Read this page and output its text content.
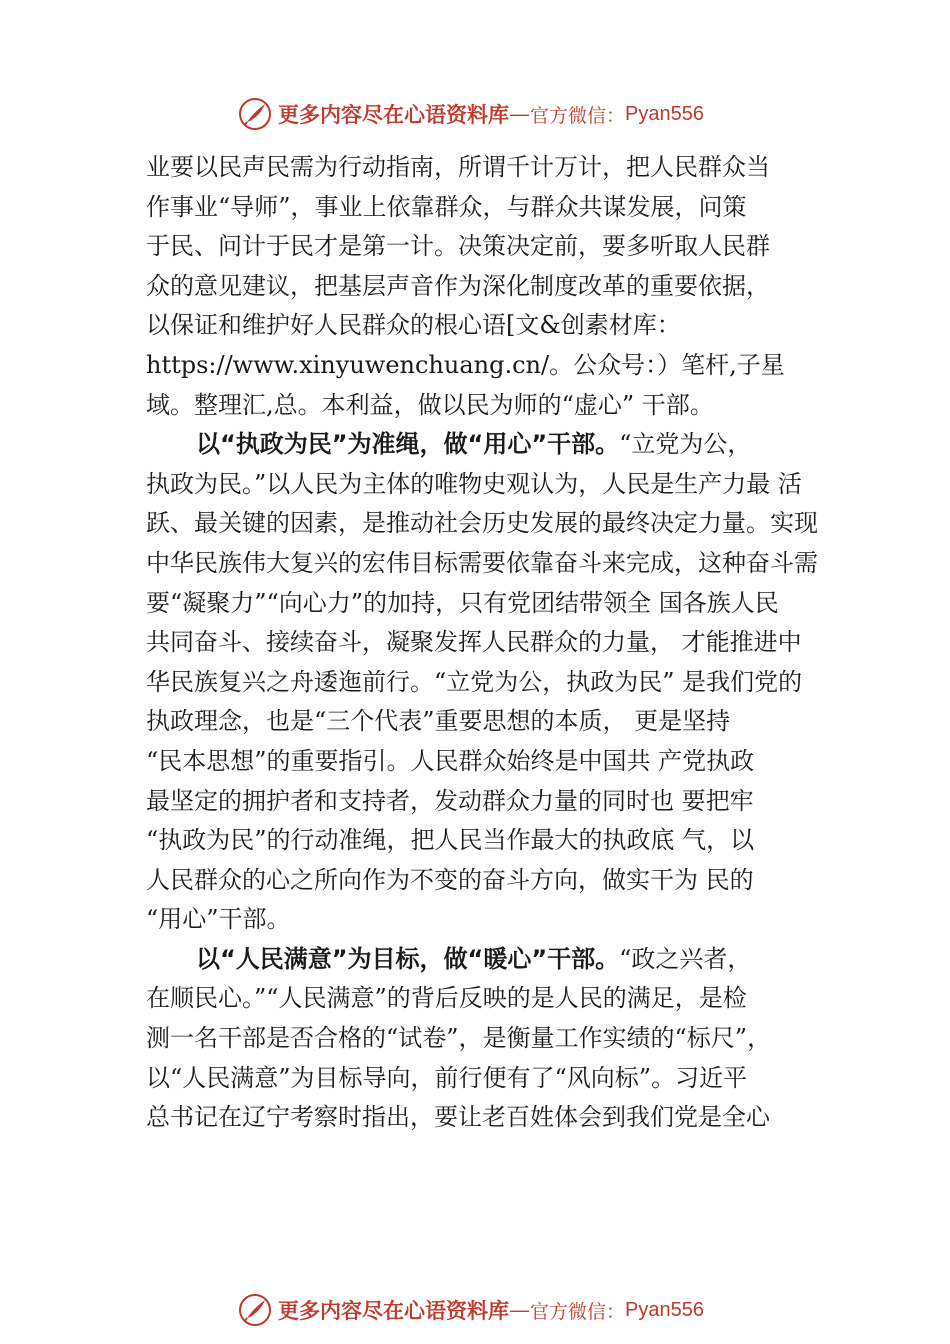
更多内容尽在心语资料库 — 官方微信： Pyan556
业要以民声民需为行动指南，所谓千计万计，把人民群众当
作事业“导师”，事业上依靠群众，与群众共谋发展，问策
于民、问计于民才是第一计。决策决定前，要多听取人民群
众的意见建议，把基层声音作为深化制度改革的重要依据，
以保证和维护好人民群众的根心语[文&创素材库：
https://www.xinyuwenchuang.cn/。公众号：）笔杆,子星
域。整理汇,总。本利益，做以民为师的“虚心” 干部。
以“执政为民”为准绳，做“用心”干部。“立党为公，
执政为民。”以人民为主体的唯物史观认为，人民是生产力最 活
跃、最关键的因素，是推动社会历史发展的最终决定力量。实现
中华民族伟大复兴的宏伟目标需要依靠奋斗来完成，这种奋斗需
要“凝聚力”“向心力”的加持，只有党团结带领全 国各族人民
共同奋斗、接续奋斗，凝聚发挥人民群众的力量， 才能推进中
华民族复兴之舟逶迤前行。“立党为公，执政为民” 是我们党的
执政理念，也是“三个代表”重要思想的本质， 更是坚持
“民本思想”的重要指引。人民群众始终是中国共 产党执政
最坚定的拥护者和支持者，发动群众力量的同时也 要把牢
“执政为民”的行动准绳，把人民当作最大的执政底 气，以
人民群众的心之所向作为不变的奋斗方向，做实干为 民的
“用心”干部。
以“人民满意”为目标，做“暖心”干部。“政之兴者，
在顺民心。”“人民满意”的背后反映的是人民的满足，是检
测一名干部是否合格的“试卷”，是衡量工作实绩的“标尺”，
以“人民满意”为目标导向，前行便有了“风向标”。习近平
总书记在辽宁考察时指出，要让老百姓体会到我们党是全心
更多内容尽在心语资料库 — 官方微信： Pyan556
